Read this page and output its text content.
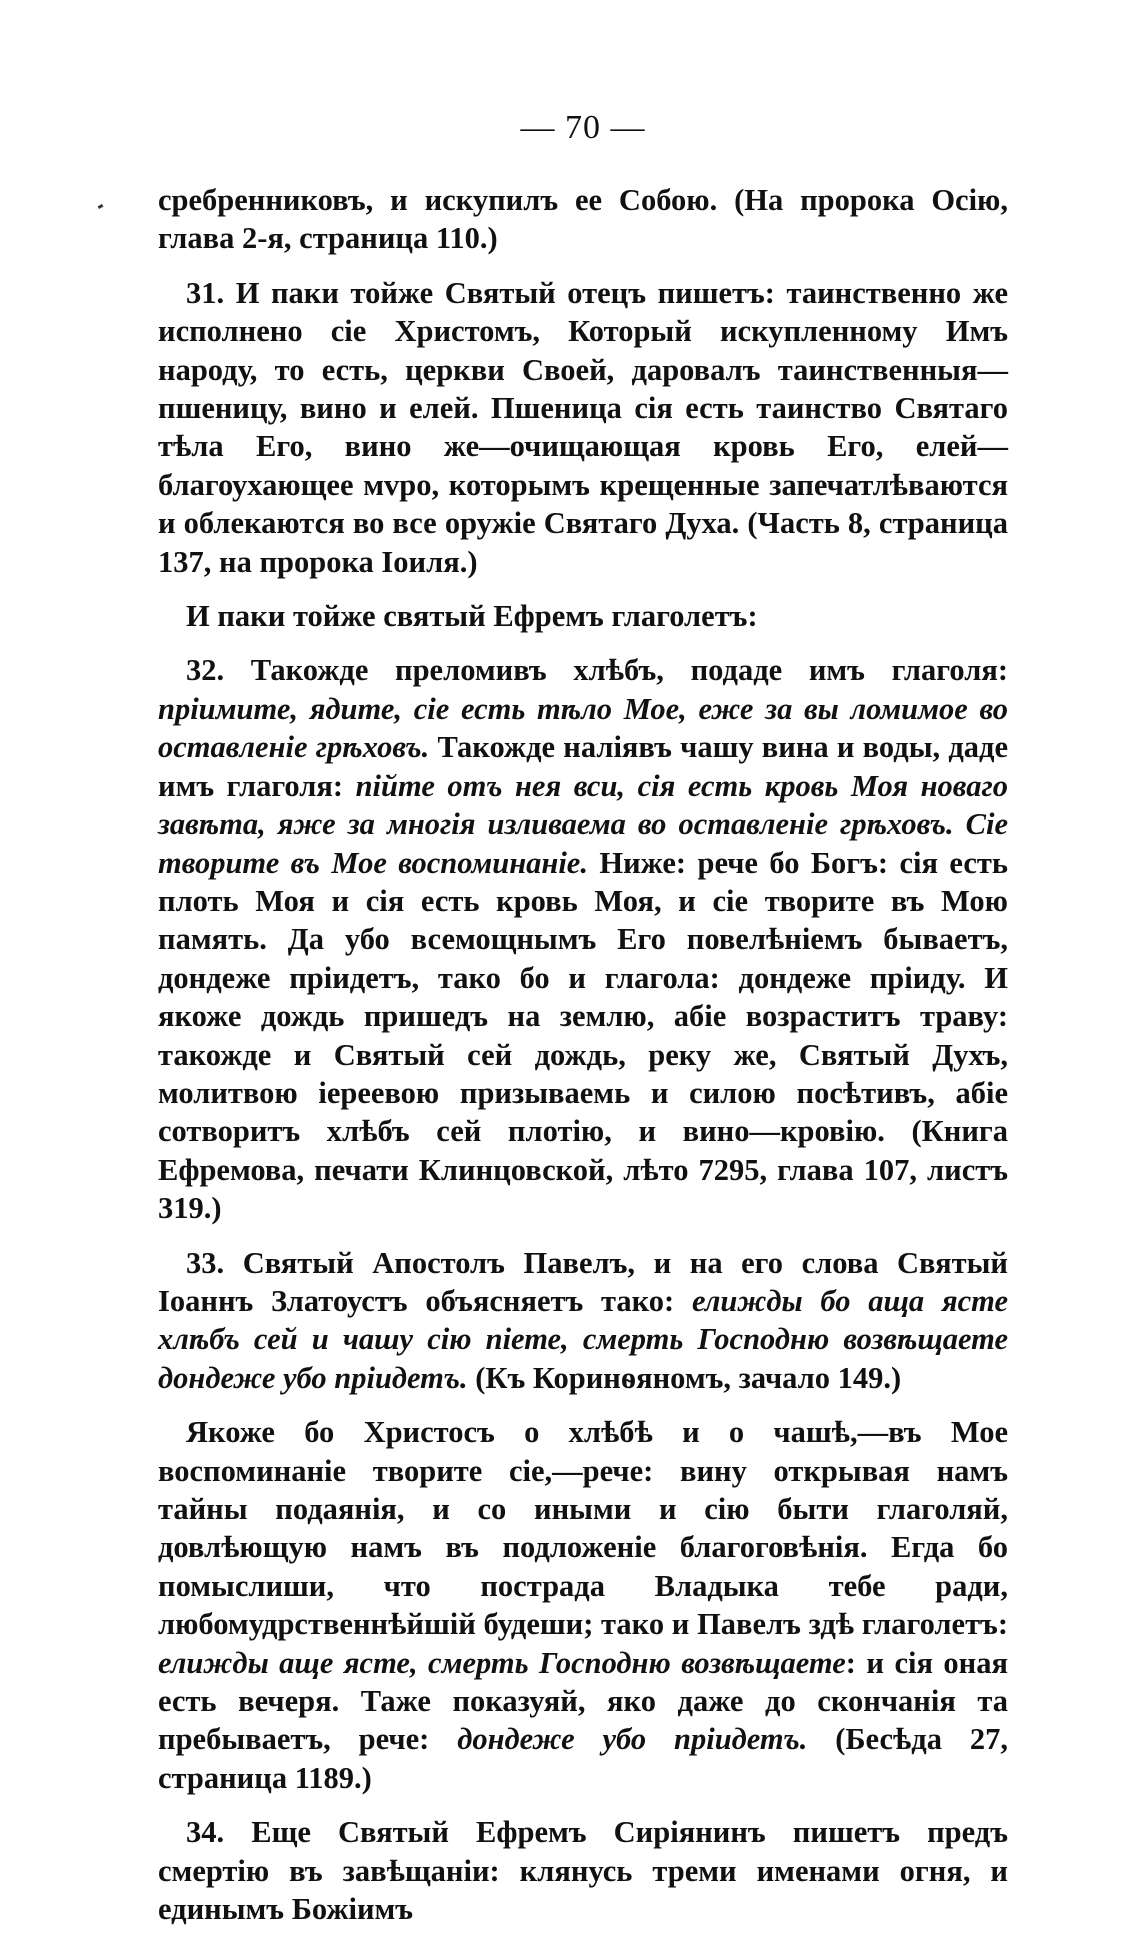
— 70 —

сребренниковъ, и искупилъ ее Собою. (На пророка Осію, глава 2-я, страница 110.)

31. И паки тойже Святый отецъ пишетъ: таинственно же исполнено сіе Христомъ, Который искупленному Имъ народу, то есть, церкви Своей, даровалъ таинственныя—пшеницу, вино и елей. Пшеница сія есть таинство Святаго тѣла Его, вино же—очищающая кровь Его, елей—благоухающее мvро, которымъ крещенные запечатлѣваются и облекаются во все оружіе Святаго Духа. (Часть 8, страница 137, на пророка Іоиля.)

И паки тойже святый Ефремъ глаголетъ:

32. Такожде преломивъ хлѣбъ, подаде имъ глаголя: пріимите, ядите, сіе есть тѣло Мое, еже за вы ломимое во оставленіе грѣховъ. Такожде наліявъ чашу вина и воды, даде имъ глаголя: пійте отъ нея вси, сія есть кровь Моя новаго завѣта, яже за многія изливаема во оставленіе грѣховъ. Сіе творите въ Мое воспоминаніе. Ниже: рече бо Богъ: сія есть плоть Моя и сія есть кровь Моя, и сіе творите въ Мою память. Да убо всемощнымъ Его повелѣніемъ бываетъ, дондеже пріидетъ, тако бо и глагола: дондеже пріиду. И якоже дождь пришедъ на землю, абіе возраститъ траву: такожде и Святый сей дождь, реку же, Святый Духъ, молитвою іереевою призываемь и силою посѣтивъ, абіе сотворитъ хлѣбъ сей плотію, и вино—кровію. (Книга Ефремова, печати Клинцовской, лѣто 7295, глава 107, листъ 319.)

33. Святый Апостолъ Павелъ, и на его слова Святый Іоаннъ Златоустъ объясняетъ тако: елижды бо аща ясте хлѣбъ сей и чашу сію піете, смерть Господню возвѣщаете дондеже убо пріидетъ. (Къ Коринѳяномъ, зачало 149.)

Якоже бо Христосъ о хлѣбѣ и о чашѣ,—въ Мое воспоминаніе творите сіе,—рече: вину открывая намъ тайны подаянія, и со иными и сію быти глаголяй, довлѣющую намъ въ подложеніе благоговѣнія. Егда бо помыслиши, что пострада Владыка тебе ради, любомудрственнѣйшій будеши; тако и Павелъ здѣ глаголетъ: елижды аще ясте, смерть Господню возвѣщаете: и сія оная есть вечеря. Таже показуяй, яко даже до скончанія та пребываетъ, рече: дондеже убо пріидетъ. (Бесѣда 27, страница 1189.)

34. Еще Святый Ефремъ Сиріянинъ пишетъ предъ смертію въ завѣщаніи: клянусь треми именами огня, и единымъ Божіимъ
